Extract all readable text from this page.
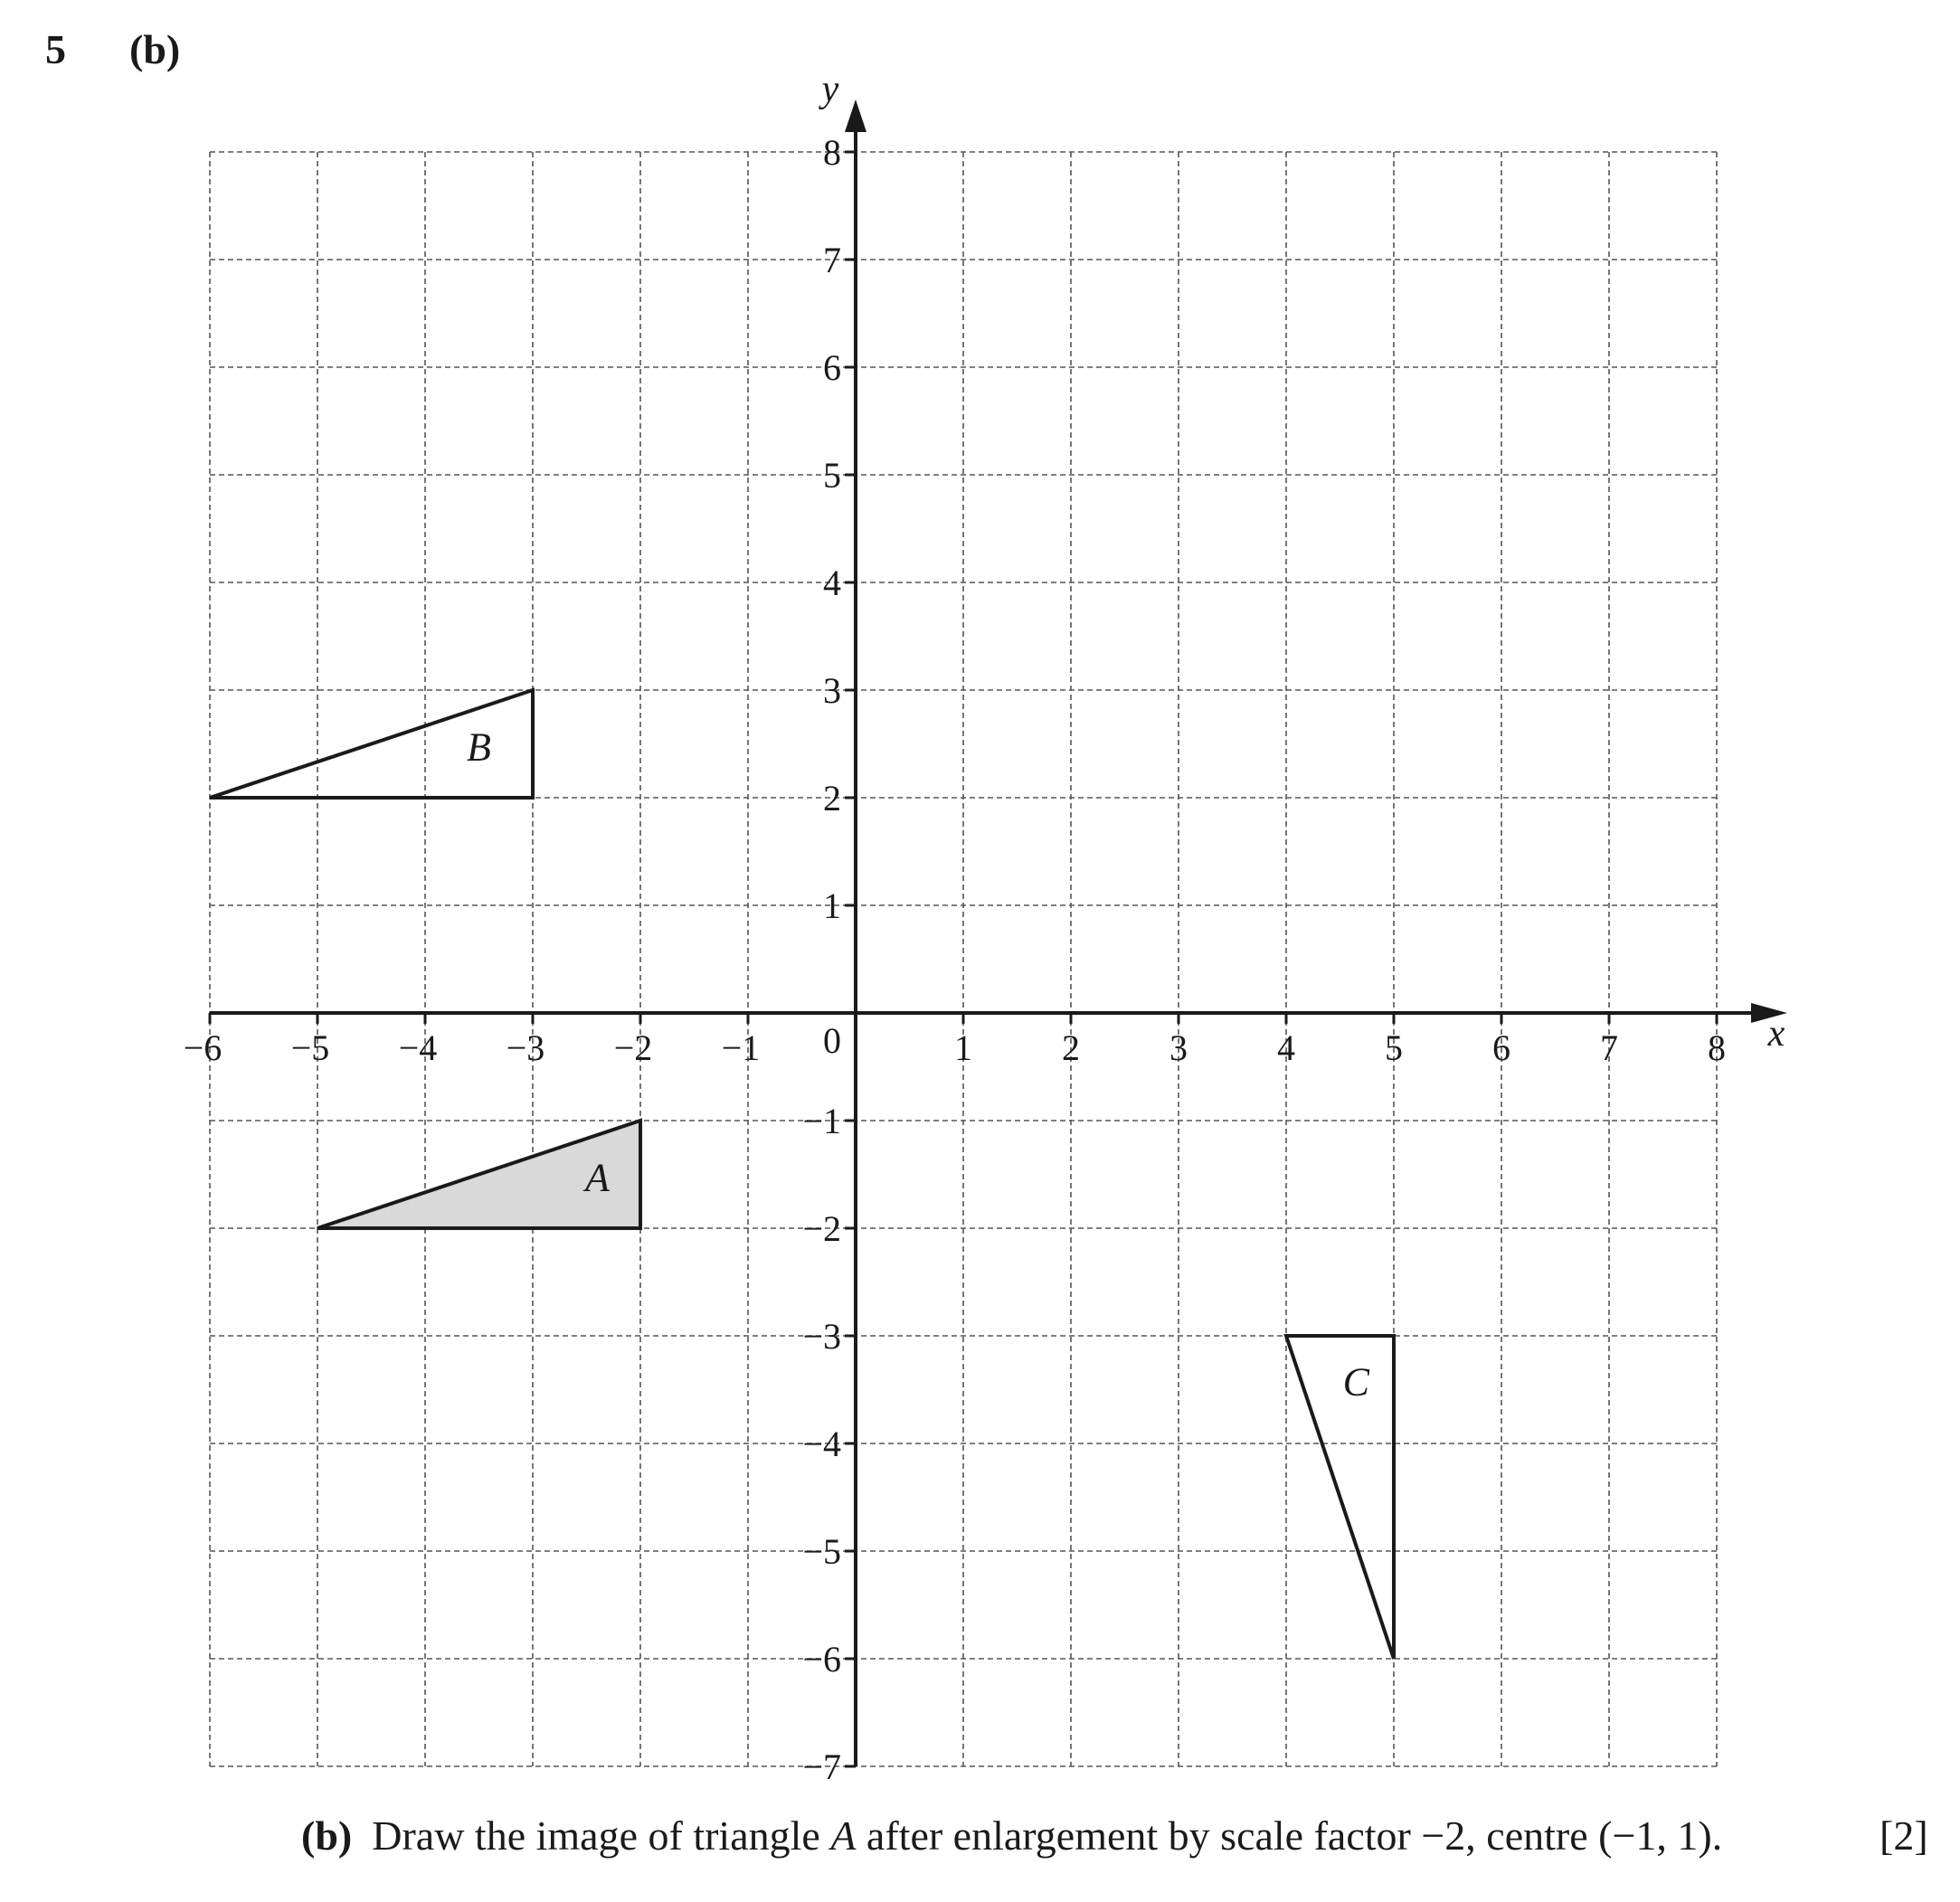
5 (b)
A
B
C
−6 −5 −4 −3 −2 −1	1 2 3 4 5 6 7 8
8
7
6
5
4
3
2
1
−1
−2
−3
−4
−5
−6
−7
0	x
y
(b) Draw the image of triangle A after enlargement by scale factor −2, centre (−1, 1).	[2]
